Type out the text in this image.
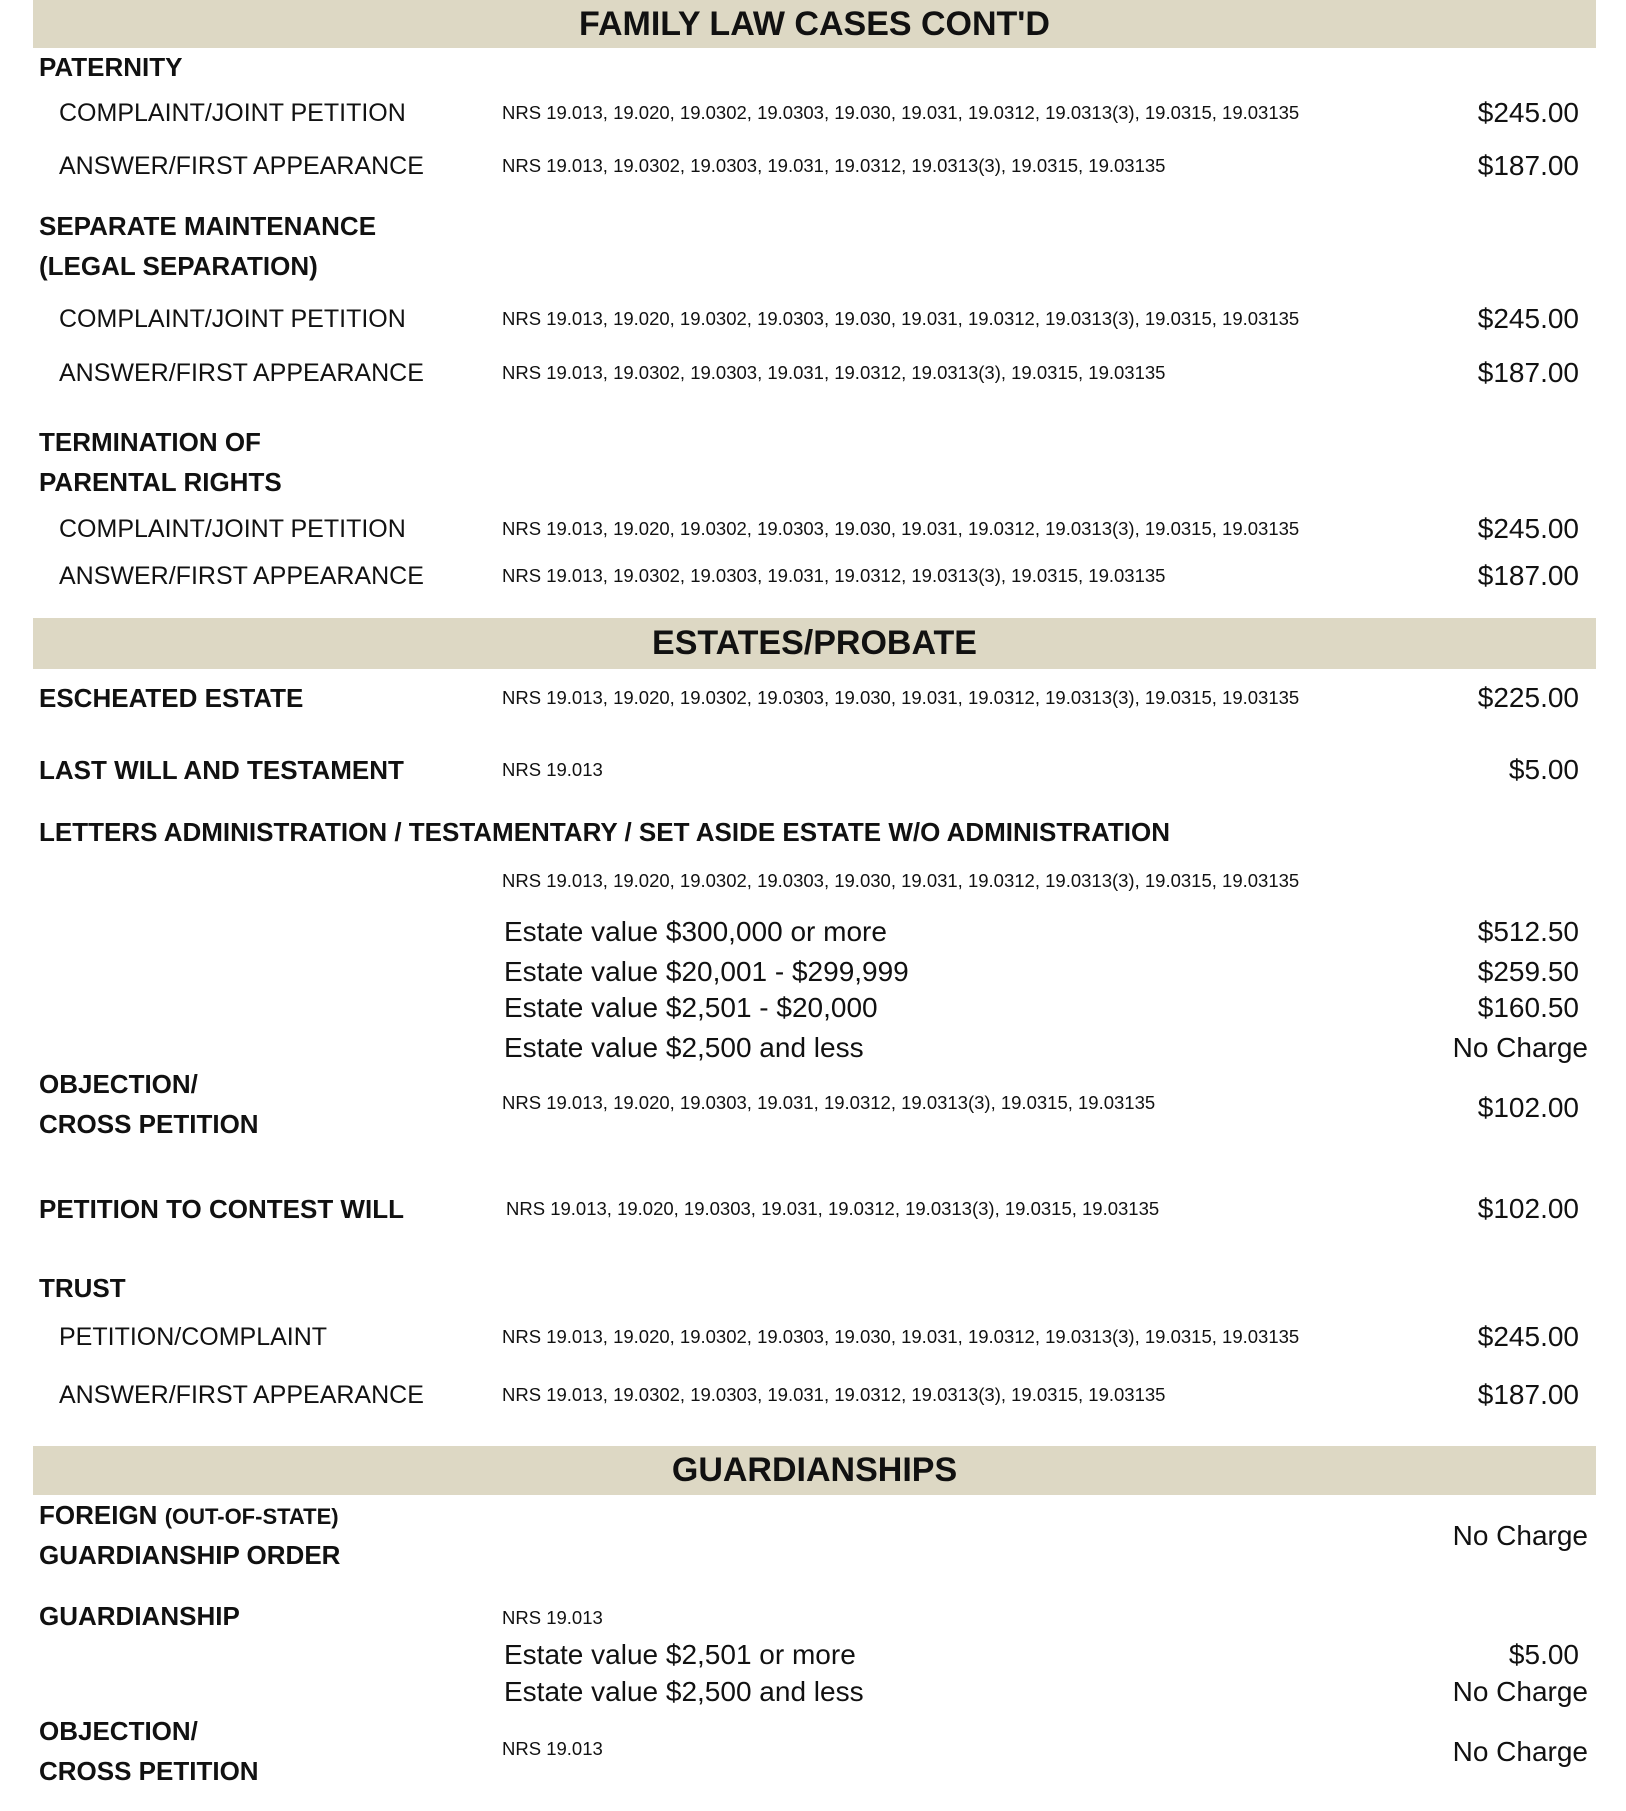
FAMILY LAW CASES CONT'D
PATERNITY
COMPLAINT/JOINT PETITION	NRS 19.013, 19.020, 19.0302, 19.0303, 19.030, 19.031, 19.0312, 19.0313(3), 19.0315, 19.03135	$245.00
ANSWER/FIRST APPEARANCE	NRS 19.013, 19.0302, 19.0303, 19.031, 19.0312, 19.0313(3), 19.0315, 19.03135	$187.00
SEPARATE MAINTENANCE
(LEGAL SEPARATION)
COMPLAINT/JOINT PETITION	NRS 19.013, 19.020, 19.0302, 19.0303, 19.030, 19.031, 19.0312, 19.0313(3), 19.0315, 19.03135	$245.00
ANSWER/FIRST APPEARANCE	NRS 19.013, 19.0302, 19.0303, 19.031, 19.0312, 19.0313(3), 19.0315, 19.03135	$187.00
TERMINATION OF
PARENTAL RIGHTS
COMPLAINT/JOINT PETITION	NRS 19.013, 19.020, 19.0302, 19.0303, 19.030, 19.031, 19.0312, 19.0313(3), 19.0315, 19.03135	$245.00
ANSWER/FIRST APPEARANCE	NRS 19.013, 19.0302, 19.0303, 19.031, 19.0312, 19.0313(3), 19.0315, 19.03135	$187.00
ESTATES/PROBATE
ESCHEATED ESTATE	NRS 19.013, 19.020, 19.0302, 19.0303, 19.030, 19.031, 19.0312, 19.0313(3), 19.0315, 19.03135	$225.00
LAST WILL AND TESTAMENT	NRS 19.013	$5.00
LETTERS ADMINISTRATION / TESTAMENTARY / SET ASIDE ESTATE W/O ADMINISTRATION
NRS 19.013, 19.020, 19.0302, 19.0303, 19.030, 19.031, 19.0312, 19.0313(3), 19.0315, 19.03135
Estate value $300,000 or more	$512.50
Estate value $20,001 - $299,999	$259.50
Estate value $2,501 - $20,000	$160.50
Estate value $2,500 and less	No Charge
OBJECTION/
CROSS PETITION
NRS 19.013, 19.020, 19.0303, 19.031, 19.0312, 19.0313(3), 19.0315, 19.03135	$102.00
PETITION TO CONTEST WILL	NRS 19.013, 19.020, 19.0303, 19.031, 19.0312, 19.0313(3), 19.0315, 19.03135	$102.00
TRUST
PETITION/COMPLAINT	NRS 19.013, 19.020, 19.0302, 19.0303, 19.030, 19.031, 19.0312, 19.0313(3), 19.0315, 19.03135	$245.00
ANSWER/FIRST APPEARANCE	NRS 19.013, 19.0302, 19.0303, 19.031, 19.0312, 19.0313(3), 19.0315, 19.03135	$187.00
GUARDIANSHIPS
FOREIGN (OUT-OF-STATE)
GUARDIANSHIP ORDER
No Charge
GUARDIANSHIP	NRS 19.013
Estate value $2,501 or more	$5.00
Estate value $2,500 and less	No Charge
OBJECTION/
CROSS PETITION
NRS 19.013	No Charge
